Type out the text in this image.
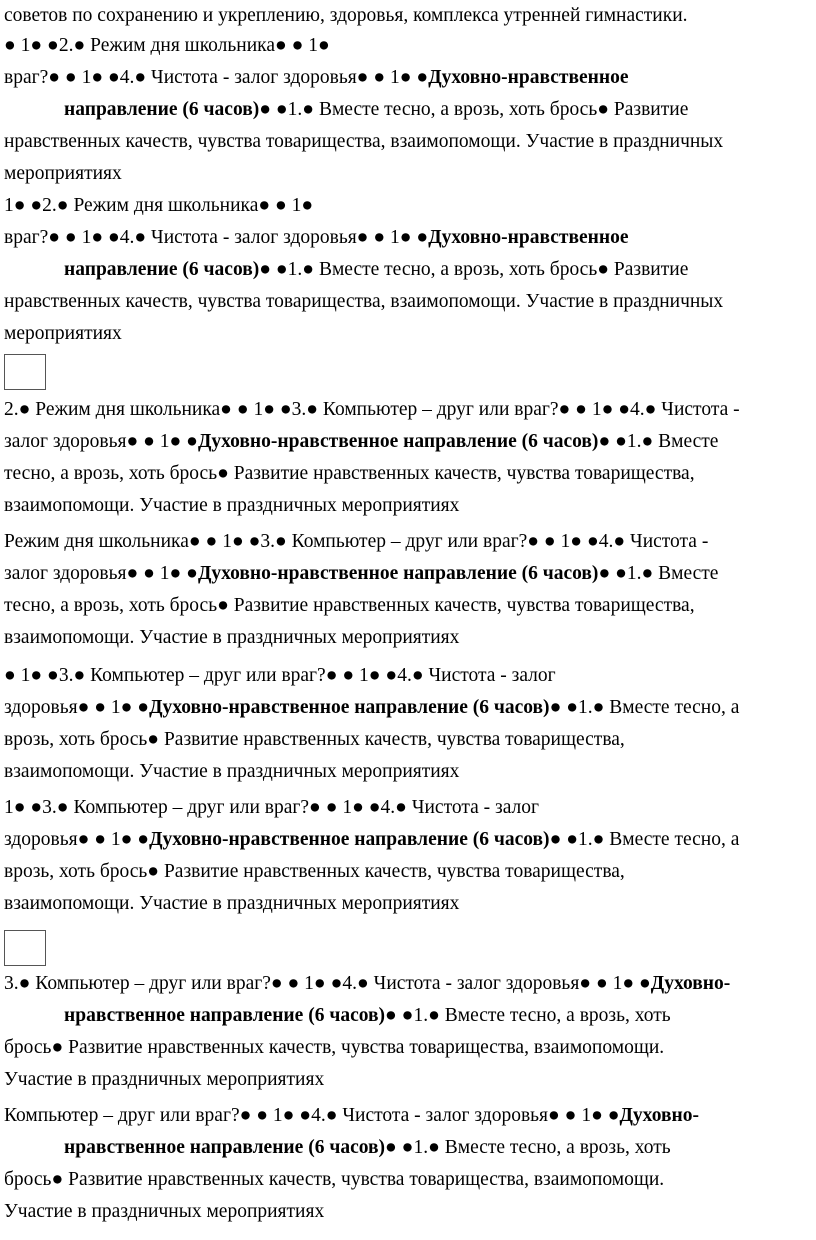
советов по сохранению и укреплению, здоровья, комплекса утренней гимнастики.
● 1● ●2.● Режим дня школьника● ● 1●
враг?● ● 1● ●4.● Чистота - залог здоровья● ● 1● ●Духовно-нравственное
направление (6 часов)● ●1.● Вместе тесно, а врозь, хоть брось● Развитие
нравственных качеств, чувства товарищества, взаимопомощи. Участие в праздничных
мероприятиях
1● ●2.● Режим дня школьника● ● 1●
враг?● ● 1● ●4.● Чистота - залог здоровья● ● 1● ●Духовно-нравственное
направление (6 часов)● ●1.● Вместе тесно, а врозь, хоть брось● Развитие
нравственных качеств, чувства товарищества, взаимопомощи. Участие в праздничных
мероприятиях
2.● Режим дня школьника● ● 1● ●3.● Компьютер – друг или враг?● ● 1● ●4.● Чистота -
залог здоровья● ● 1● ●Духовно-нравственное направление (6 часов)● ●1.● Вместе
тесно, а врозь, хоть брось● Развитие нравственных качеств, чувства товарищества,
взаимопомощи. Участие в праздничных мероприятиях
Режим дня школьника● ● 1● ●3.● Компьютер – друг или враг?● ● 1● ●4.● Чистота -
залог здоровья● ● 1● ●Духовно-нравственное направление (6 часов)● ●1.● Вместе
тесно, а врозь, хоть брось● Развитие нравственных качеств, чувства товарищества,
взаимопомощи. Участие в праздничных мероприятиях
● 1● ●3.● Компьютер – друг или враг?● ● 1● ●4.● Чистота - залог
здоровья● ● 1● ●Духовно-нравственное направление (6 часов)● ●1.● Вместе тесно, а
врозь, хоть брось● Развитие нравственных качеств, чувства товарищества,
взаимопомощи. Участие в праздничных мероприятиях
1● ●3.● Компьютер – друг или враг?● ● 1● ●4.● Чистота - залог
здоровья● ● 1● ●Духовно-нравственное направление (6 часов)● ●1.● Вместе тесно, а
врозь, хоть брось● Развитие нравственных качеств, чувства товарищества,
взаимопомощи. Участие в праздничных мероприятиях
3.● Компьютер – друг или враг?● ● 1● ●4.● Чистота - залог здоровья● ● 1● ●Духовно-
нравственное направление (6 часов)● ●1.● Вместе тесно, а врозь, хоть
брось● Развитие нравственных качеств, чувства товарищества, взаимопомощи.
Участие в праздничных мероприятиях
Компьютер – друг или враг?● ● 1● ●4.● Чистота - залог здоровья● ● 1● ●Духовно-
нравственное направление (6 часов)● ●1.● Вместе тесно, а врозь, хоть
брось● Развитие нравственных качеств, чувства товарищества, взаимопомощи.
Участие в праздничных мероприятиях
